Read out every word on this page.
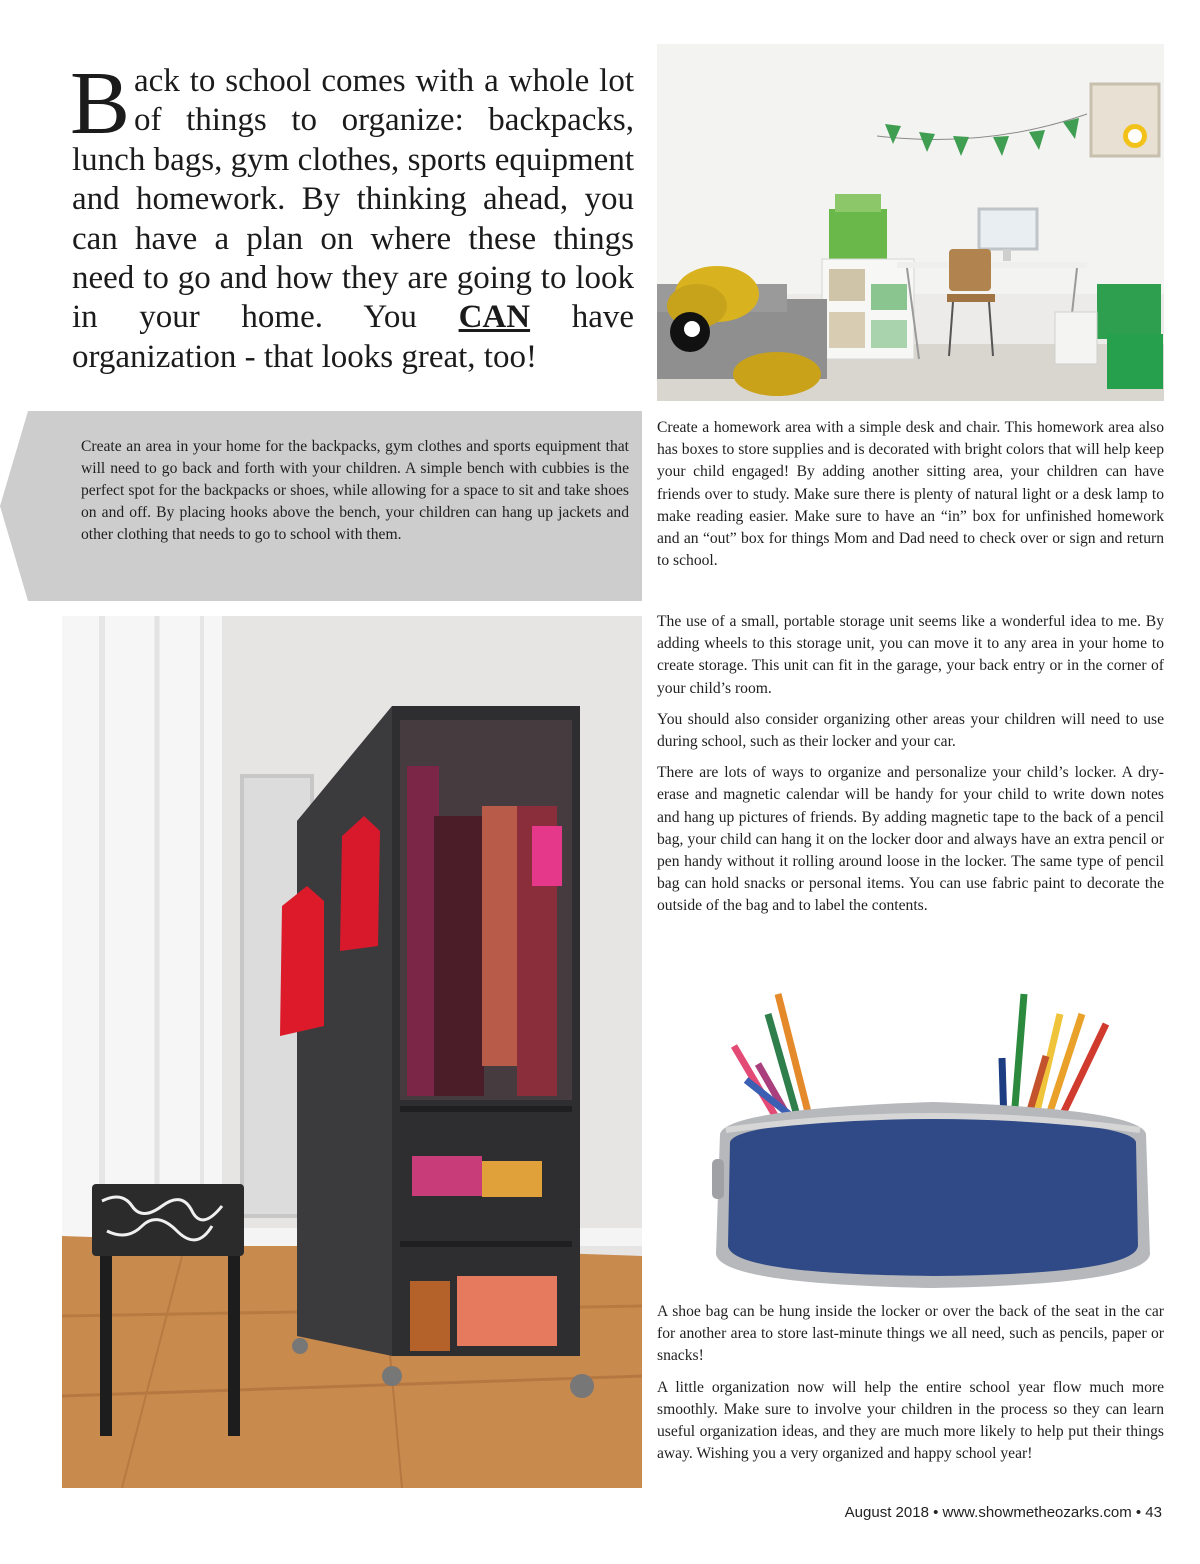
Back to school comes with a whole lot of things to organize: backpacks, lunch bags, gym clothes, sports equipment and homework. By thinking ahead, you can have a plan on where these things need to go and how they are going to look in your home. You CAN have organization - that looks great, too!
Create an area in your home for the backpacks, gym clothes and sports equipment that will need to go back and forth with your children. A simple bench with cubbies is the perfect spot for the backpacks or shoes, while allowing for a space to sit and take shoes on and off. By placing hooks above the bench, your children can hang up jackets and other clothing that needs to go to school with them.
Create a homework area with a simple desk and chair. This homework area also has boxes to store supplies and is decorated with bright colors that will help keep your child engaged! By adding another sitting area, your children can have friends over to study. Make sure there is plenty of natural light or a desk lamp to make reading easier. Make sure to have an “in” box for unfinished homework and an “out” box for things Mom and Dad need to check over or sign and return to school.

The use of a small, portable storage unit seems like a wonderful idea to me. By adding wheels to this storage unit, you can move it to any area in your home to create storage. This unit can fit in the garage, your back entry or in the corner of your child’s room.

You should also consider organizing other areas your children will need to use during school, such as their locker and your car.

There are lots of ways to organize and personalize your child’s locker. A dry-erase and magnetic calendar will be handy for your child to write down notes and hang up pictures of friends. By adding magnetic tape to the back of a pencil bag, your child can hang it on the locker door and always have an extra pencil or pen handy without it rolling around loose in the locker. The same type of pencil bag can hold snacks or personal items. You can use fabric paint to decorate the outside of the bag and to label the contents.

A shoe bag can be hung inside the locker or over the back of the seat in the car for another area to store last-minute things we all need, such as pencils, paper or snacks!

A little organization now will help the entire school year flow much more smoothly. Make sure to involve your children in the process so they can learn useful organization ideas, and they are much more likely to help put their things away. Wishing you a very organized and happy school year!

August 2018 • www.showmetheozarks.com • 43
